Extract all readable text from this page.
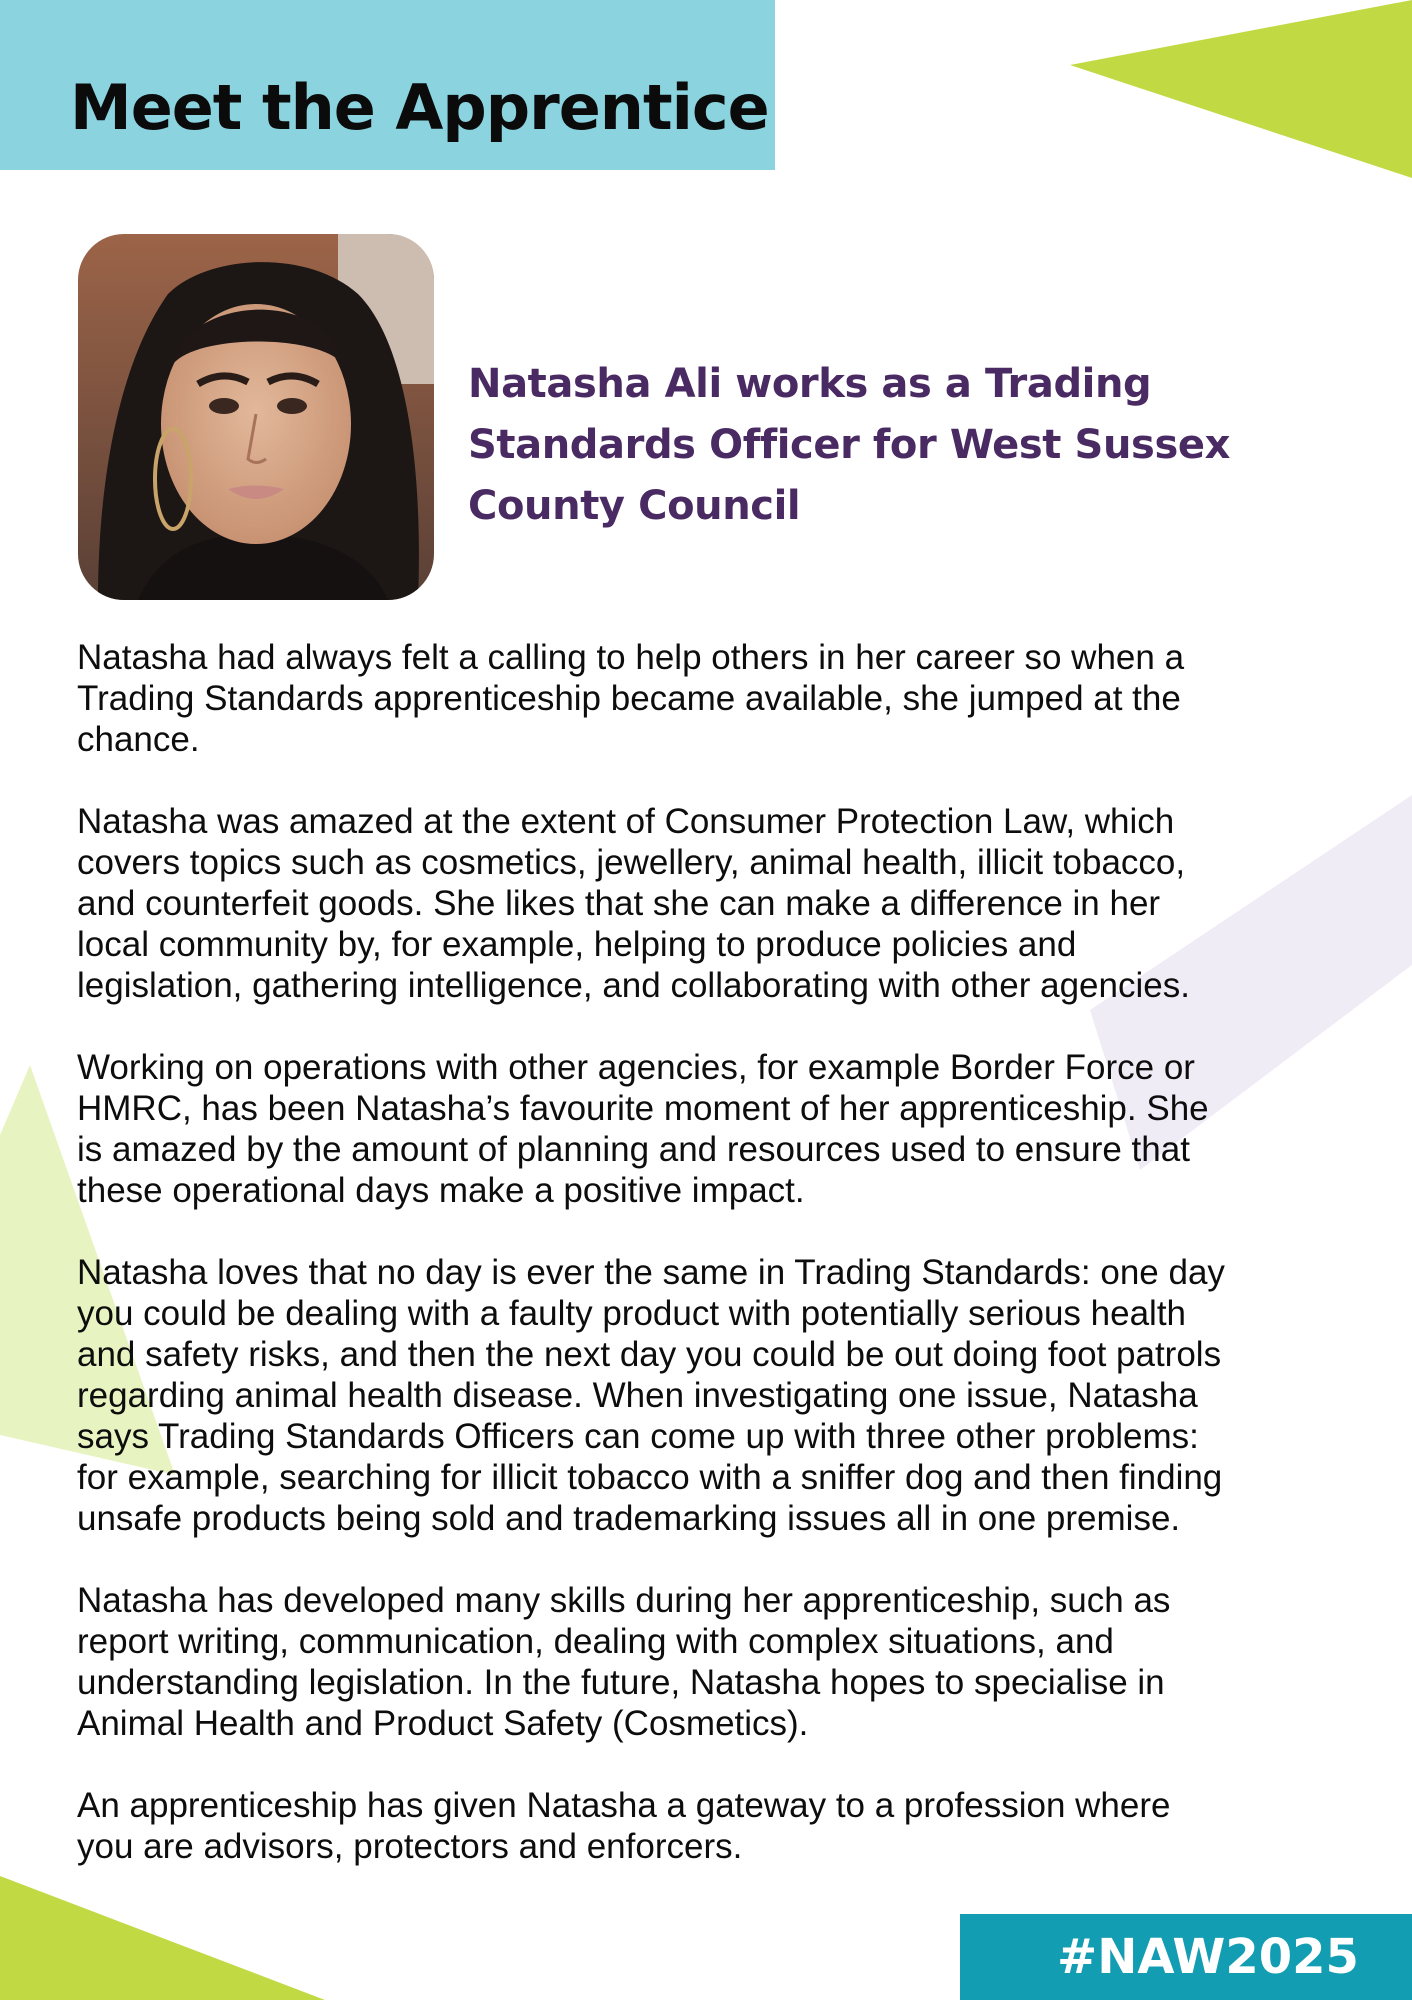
Meet the Apprentice
Natasha Ali works as a Trading
Standards Officer for West Sussex
County Council

Natasha had always felt a calling to help others in her career so when a
Trading Standards apprenticeship became available, she jumped at the
chance.

Natasha was amazed at the extent of Consumer Protection Law, which
covers topics such as cosmetics, jewellery, animal health, illicit tobacco,
and counterfeit goods. She likes that she can make a difference in her
local community by, for example, helping to produce policies and
legislation, gathering intelligence, and collaborating with other agencies.

Working on operations with other agencies, for example Border Force or
HMRC, has been Natasha’s favourite moment of her apprenticeship. She
is amazed by the amount of planning and resources used to ensure that
these operational days make a positive impact.

Natasha loves that no day is ever the same in Trading Standards: one day
you could be dealing with a faulty product with potentially serious health
and safety risks, and then the next day you could be out doing foot patrols
regarding animal health disease. When investigating one issue, Natasha
says Trading Standards Officers can come up with three other problems:
for example, searching for illicit tobacco with a sniffer dog and then finding
unsafe products being sold and trademarking issues all in one premise.

Natasha has developed many skills during her apprenticeship, such as
report writing, communication, dealing with complex situations, and
understanding legislation. In the future, Natasha hopes to specialise in
Animal Health and Product Safety (Cosmetics).

An apprenticeship has given Natasha a gateway to a profession where
you are advisors, protectors and enforcers.

#NAW2025
